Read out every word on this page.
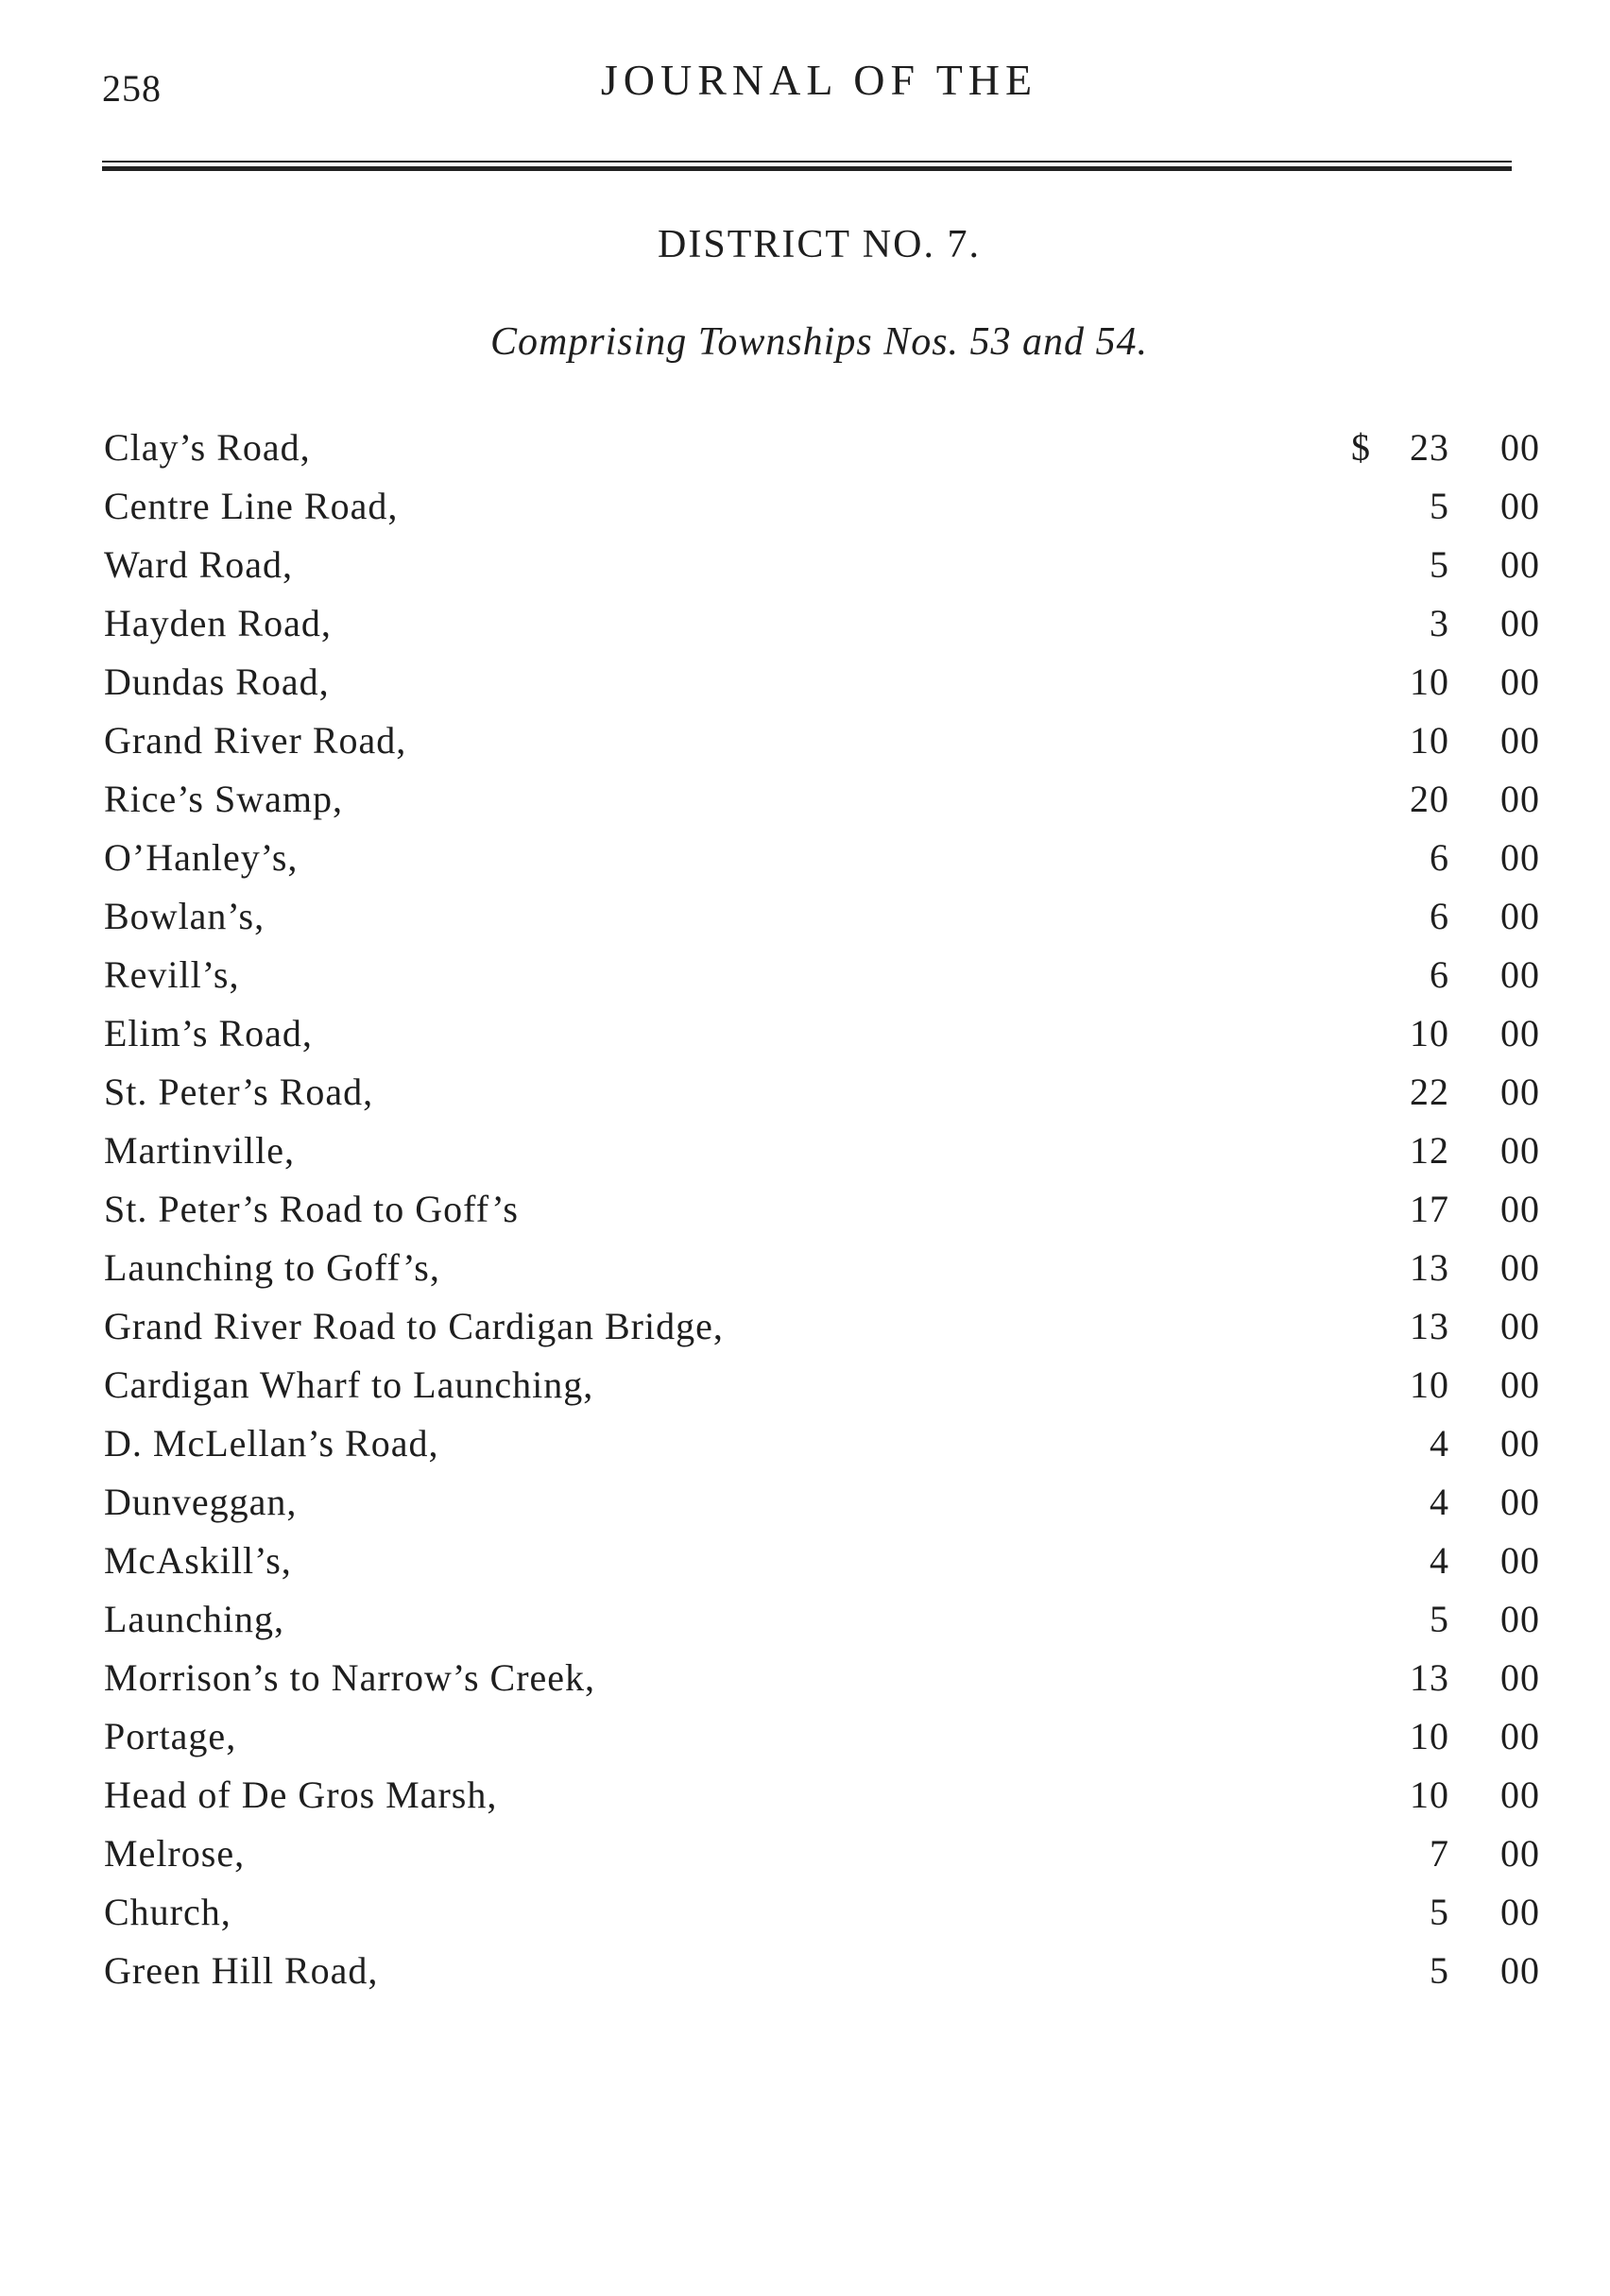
258	JOURNAL OF THE
DISTRICT NO. 7.
Comprising Townships Nos. 53 and 54.
Clay’s Road,	$ 23	00
Centre Line Road,	5	00
Ward Road,	5	00
Hayden Road,	3	00
Dundas Road,	10	00
Grand River Road,	10	00
Rice’s Swamp,	20	00
O’Hanley’s,	6	00
Bowlan’s,	6	00
Revill’s,	6	00
Elim’s Road,	10	00
St. Peter’s Road,	22	00
Martinville,	12	00
St. Peter’s Road to Goff’s	17	00
Launching to Goff’s,	13	00
Grand River Road to Cardigan Bridge,	13	00
Cardigan Wharf to Launching,	10	00
D. McLellan’s Road,	4	00
Dunveggan,	4	00
McAskill’s,	4	00
Launching,	5	00
Morrison’s to Narrow’s Creek,	13	00
Portage,	10	00
Head of De Gros Marsh,	10	00
Melrose,	7	00
Church,	5	00
Green Hill Road,	5	00
